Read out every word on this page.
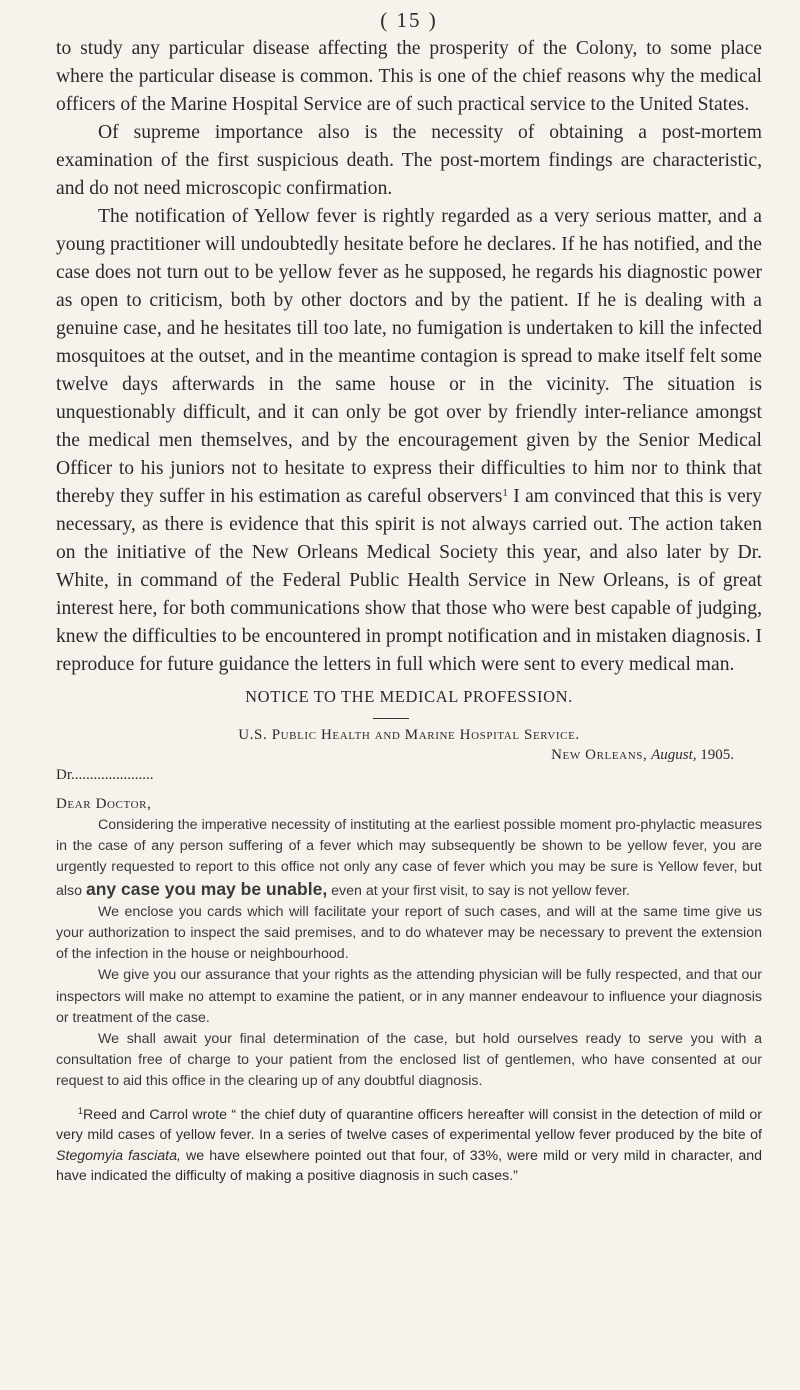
( 15 )

to study any particular disease affecting the prosperity of the Colony, to some place where the particular disease is common. This is one of the chief reasons why the medical officers of the Marine Hospital Service are of such practical service to the United States.

Of supreme importance also is the necessity of obtaining a post-mortem examination of the first suspicious death. The post-mortem findings are characteristic, and do not need microscopic confirmation.

The notification of Yellow fever is rightly regarded as a very serious matter, and a young practitioner will undoubtedly hesitate before he declares. If he has notified, and the case does not turn out to be yellow fever as he supposed, he regards his diagnostic power as open to criticism, both by other doctors and by the patient. If he is dealing with a genuine case, and he hesitates till too late, no fumigation is undertaken to kill the infected mosquitoes at the outset, and in the meantime contagion is spread to make itself felt some twelve days afterwards in the same house or in the vicinity. The situation is unquestionably difficult, and it can only be got over by friendly inter-reliance amongst the medical men themselves, and by the encouragement given by the Senior Medical Officer to his juniors not to hesitate to express their difficulties to him nor to think that thereby they suffer in his estimation as careful observers$^1$ I am convinced that this is very necessary, as there is evidence that this spirit is not always carried out. The action taken on the initiative of the New Orleans Medical Society this year, and also later by Dr. White, in command of the Federal Public Health Service in New Orleans, is of great interest here, for both communications show that those who were best capable of judging, knew the difficulties to be encountered in prompt notification and in mistaken diagnosis. I reproduce for future guidance the letters in full which were sent to every medical man.

NOTICE TO THE MEDICAL PROFESSION.
U.S. Public Health and Marine Hospital Service.
New Orleans, August, 1905.
Dr......................
Dear Doctor,

Considering the imperative necessity of instituting at the earliest possible moment pro-phylactic measures in the case of any person suffering of a fever which may subsequently be shown to be yellow fever, you are urgently requested to report to this office not only any case of fever which you may be sure is Yellow fever, but also any case you may be unable, even at your first visit, to say is not yellow fever.

We enclose you cards which will facilitate your report of such cases, and will at the same time give us your authorization to inspect the said premises, and to do whatever may be necessary to prevent the extension of the infection in the house or neighbourhood.

We give you our assurance that your rights as the attending physician will be fully respected, and that our inspectors will make no attempt to examine the patient, or in any manner endeavour to influence your diagnosis or treatment of the case.

We shall await your final determination of the case, but hold ourselves ready to serve you with a consultation free of charge to your patient from the enclosed list of gentlemen, who have consented at our request to aid this office in the clearing up of any doubtful diagnosis.

$^1$Reed and Carrol wrote “ the chief duty of quarantine officers hereafter will consist in the detection of mild or very mild cases of yellow fever. In a series of twelve cases of experimental yellow fever produced by the bite of Stegomyia fasciata, we have elsewhere pointed out that four, of 33%, were mild or very mild in character, and have indicated the difficulty of making a positive diagnosis in such cases.”
